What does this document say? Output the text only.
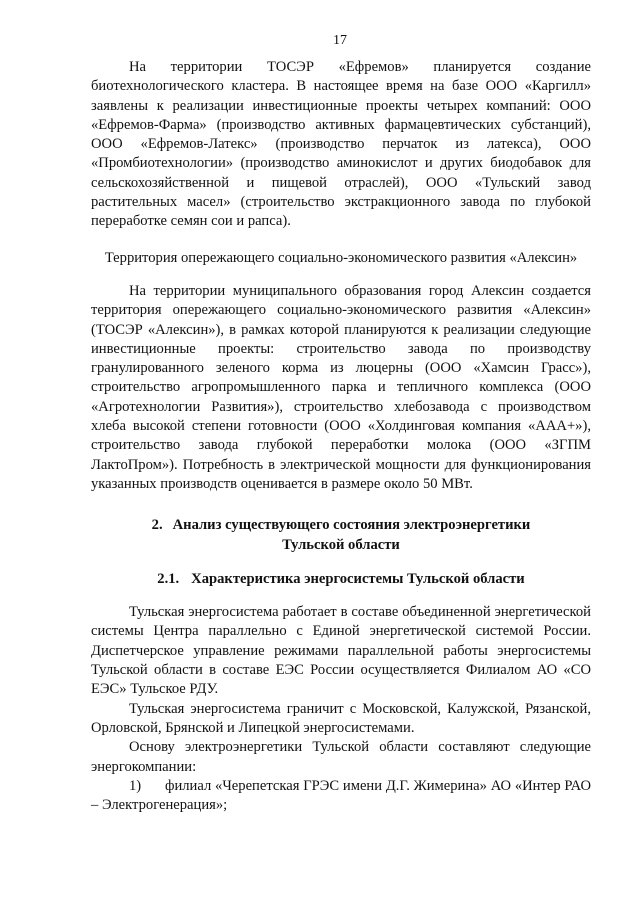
17

На территории ТОСЭР «Ефремов» планируется создание биотехнологического кластера. В настоящее время на базе ООО «Каргилл» заявлены к реализации инвестиционные проекты четырех компаний: ООО «Ефремов-Фарма» (производство активных фармацевтических субстанций), ООО «Ефремов-Латекс» (производство перчаток из латекса), ООО «Промбиотехнологии» (производство аминокислот и других биодобавок для сельскохозяйственной и пищевой отраслей), ООО «Тульский завод растительных масел» (строительство экстракционного завода по глубокой переработке семян сои и рапса).

Территория опережающего социально-экономического развития «Алексин»

На территории муниципального образования город Алексин создается территория опережающего социально-экономического развития «Алексин» (ТОСЭР «Алексин»), в рамках которой планируются к реализации следующие инвестиционные проекты: строительство завода по производству гранулированного зеленого корма из люцерны (ООО «Хамсин Грасс»), строительство агропромышленного парка и тепличного комплекса (ООО «Агротехнологии Развития»), строительство хлебозавода с производством хлеба высокой степени готовности (ООО «Холдинговая компания «ААА+»), строительство завода глубокой переработки молока (ООО «ЗГПМ ЛактоПром»). Потребность в электрической мощности для функционирования указанных производств оценивается в размере около 50 МВт.

2. Анализ существующего состояния электроэнергетики
Тульской области
2.1. Характеристика энергосистемы Тульской области

Тульская энергосистема работает в составе объединенной энергетической системы Центра параллельно с Единой энергетической системой России. Диспетчерское управление режимами параллельной работы энергосистемы Тульской области в составе ЕЭС России осуществляется Филиалом АО «СО ЕЭС» Тульское РДУ.

Тульская энергосистема граничит с Московской, Калужской, Рязанской, Орловской, Брянской и Липецкой энергосистемами.

Основу электроэнергетики Тульской области составляют следующие энергокомпании:

1) филиал «Черепетская ГРЭС имени Д.Г. Жимерина» АО «Интер РАО – Электрогенерация»;
